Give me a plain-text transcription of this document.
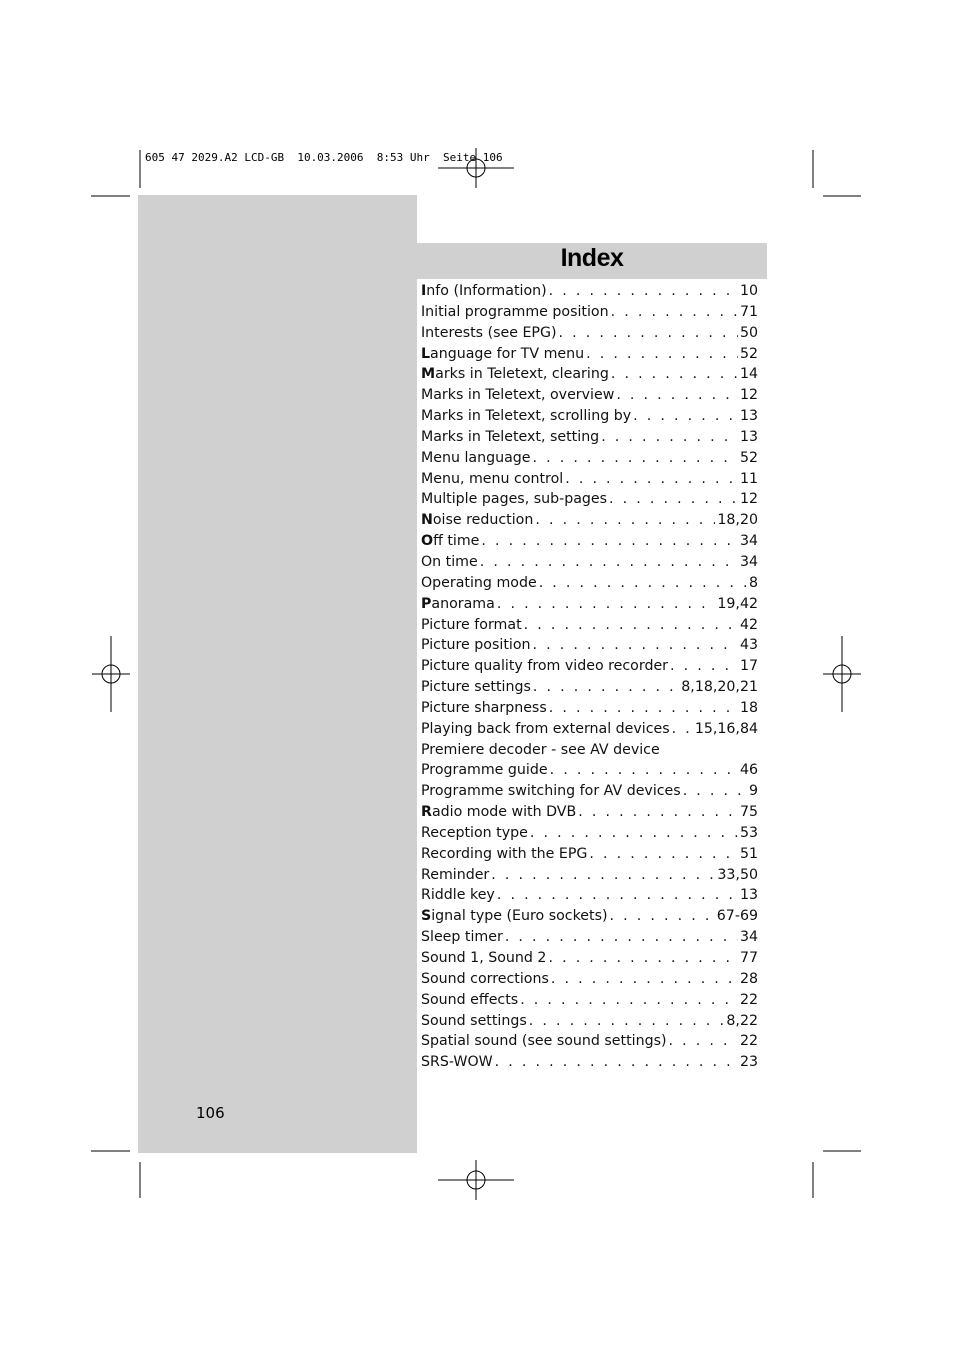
605 47 2029.A2 LCD-GB  10.03.2006  8:53 Uhr  Seite 106
Index
Info (Information) . . .	10
Initial programme position . . .	71
Interests (see EPG) . . .	50
Language for TV menu . . .	52
Marks in Teletext, clearing . . .	14
Marks in Teletext, overview . . .	12
Marks in Teletext, scrolling by . . .	13
Marks in Teletext, setting . . .	13
Menu language . . .	52
Menu, menu control . . .	11
Multiple pages, sub-pages . . .	12
Noise reduction . . .	18,20
Off time . . .	34
On time . . .	34
Operating mode . . .	8
Panorama . . .	19,42
Picture format . . .	42
Picture position . . .	43
Picture quality from video recorder . . .	17
Picture settings . . .	8,18,20,21
Picture sharpness . . .	18
Playing back from external devices . . . 15,16,84
Premiere decoder - see AV device
Programme guide . . .	46
Programme switching for AV devices . . .	9
Radio mode with DVB . . .	75
Reception type . . .	53
Recording with the EPG . . .	51
Reminder . . .	33,50
Riddle key . . .	13
Signal type (Euro sockets) . . .	67-69
Sleep timer . . .	34
Sound 1, Sound 2 . . .	77
Sound corrections . . .	28
Sound effects . . .	22
Sound settings . . .	8,22
Spatial sound (see sound settings) . . .	22
SRS-WOW . . .	23
106
